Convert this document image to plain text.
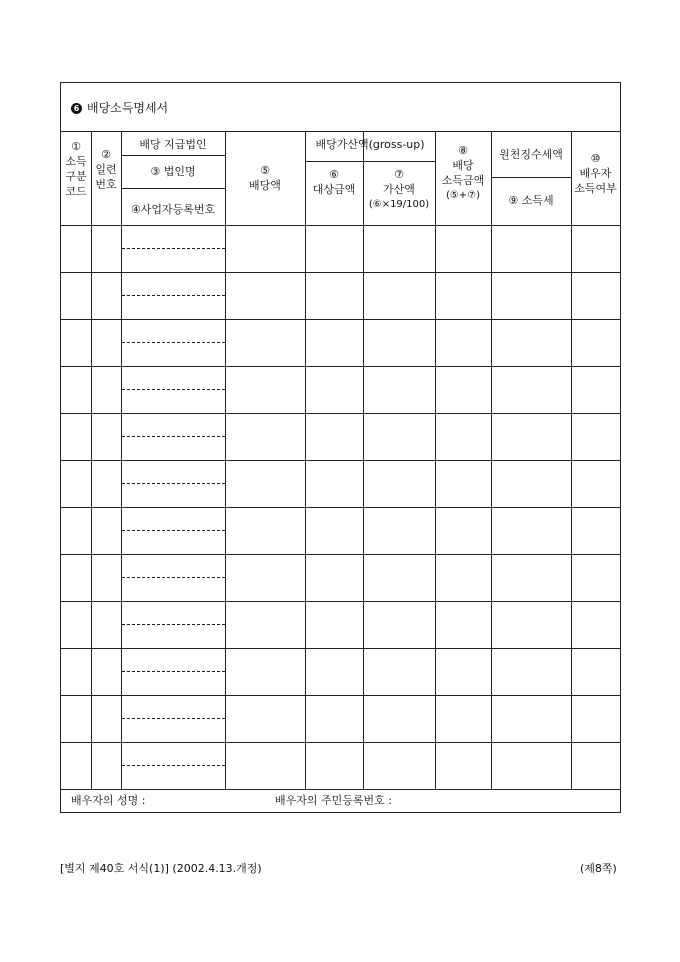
6 배당소득명세서
①
소득
구분
코드
②
일련
번호
배당 지급법인
③ 법인명
④사업자등록번호
⑤
배당액
배당가산액(gross-up)
⑥
대상금액
⑦
가산액
(⑥×19/100)
⑧
배당
소득금액
(⑤+⑦)
원천징수세액
⑨ 소득세
⑩
배우자
소득여부
배우자의 성명 :	배우자의 주민등록번호 :
[별지 제40호 서식(1)] (2002.4.13.개정)	(제8쪽)
